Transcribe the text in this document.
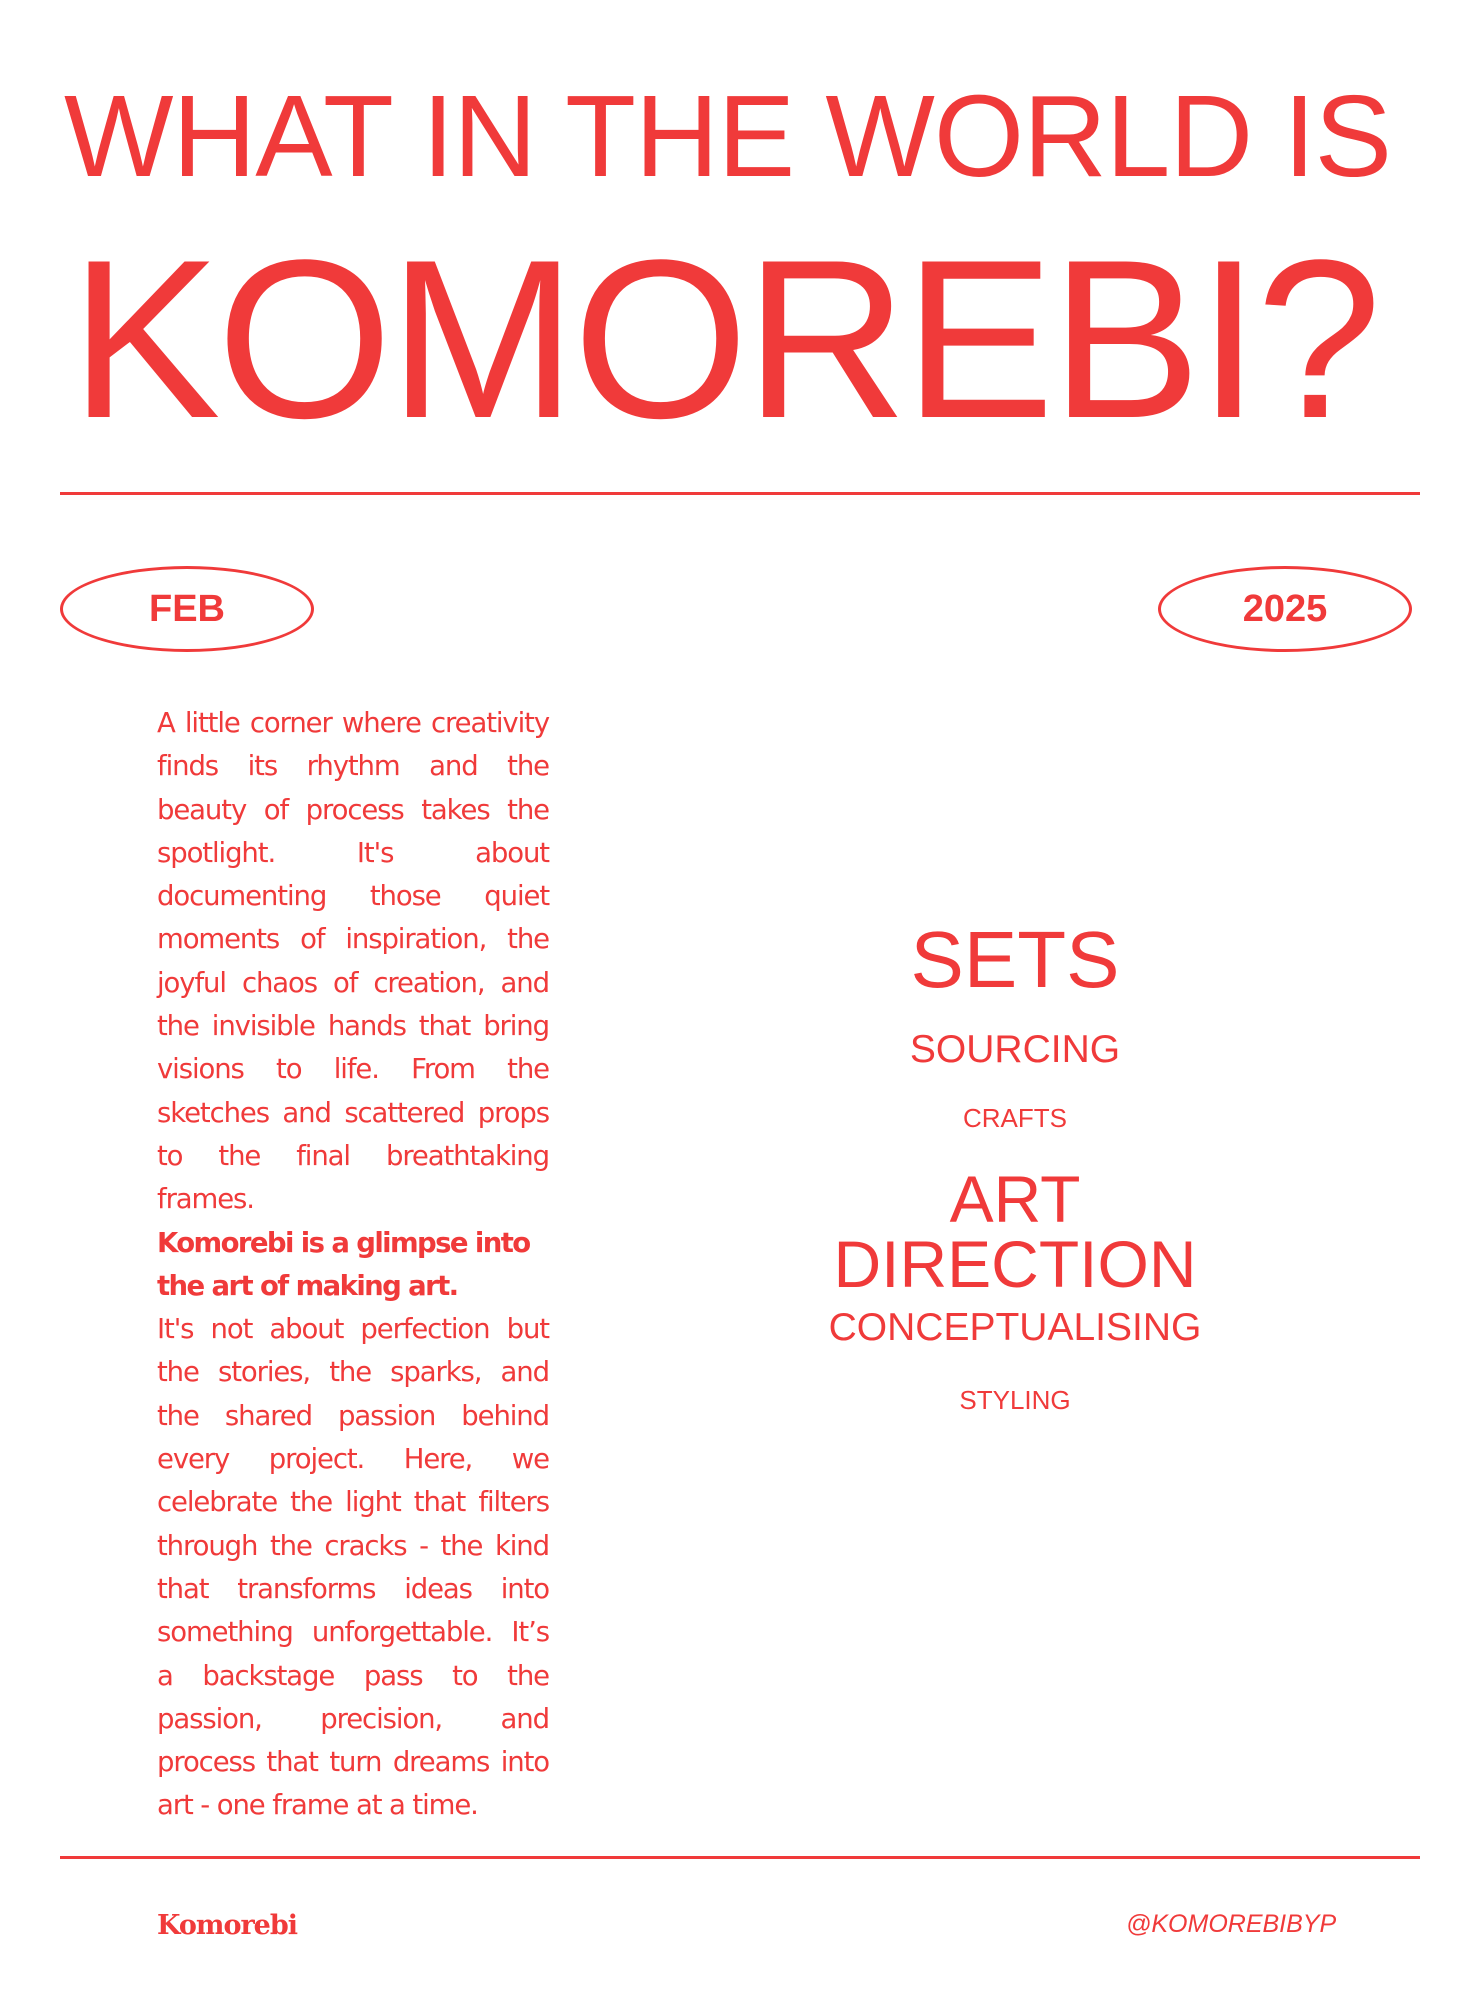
WHAT IN THE WORLD IS
KOMOREBI?
FEB	2025

A little corner where creativity finds its rhythm and the beauty of process takes the spotlight. It's about documenting those quiet moments of inspiration, the joyful chaos of creation, and the invisible hands that bring visions to life. From the sketches and scattered props to the final breathtaking frames.

Komorebi is a glimpse into the art of making art.

It's not about perfection but the stories, the sparks, and the shared passion behind every project. Here, we celebrate the light that filters through the cracks - the kind that transforms ideas into something unforgettable. It’s a backstage pass to the passion, precision, and process that turn dreams into art - one frame at a time.

SETS
SOURCING
CRAFTS
ART
DIRECTION
CONCEPTUALISING
STYLING
Komorebi	@KOMOREBIBYP
